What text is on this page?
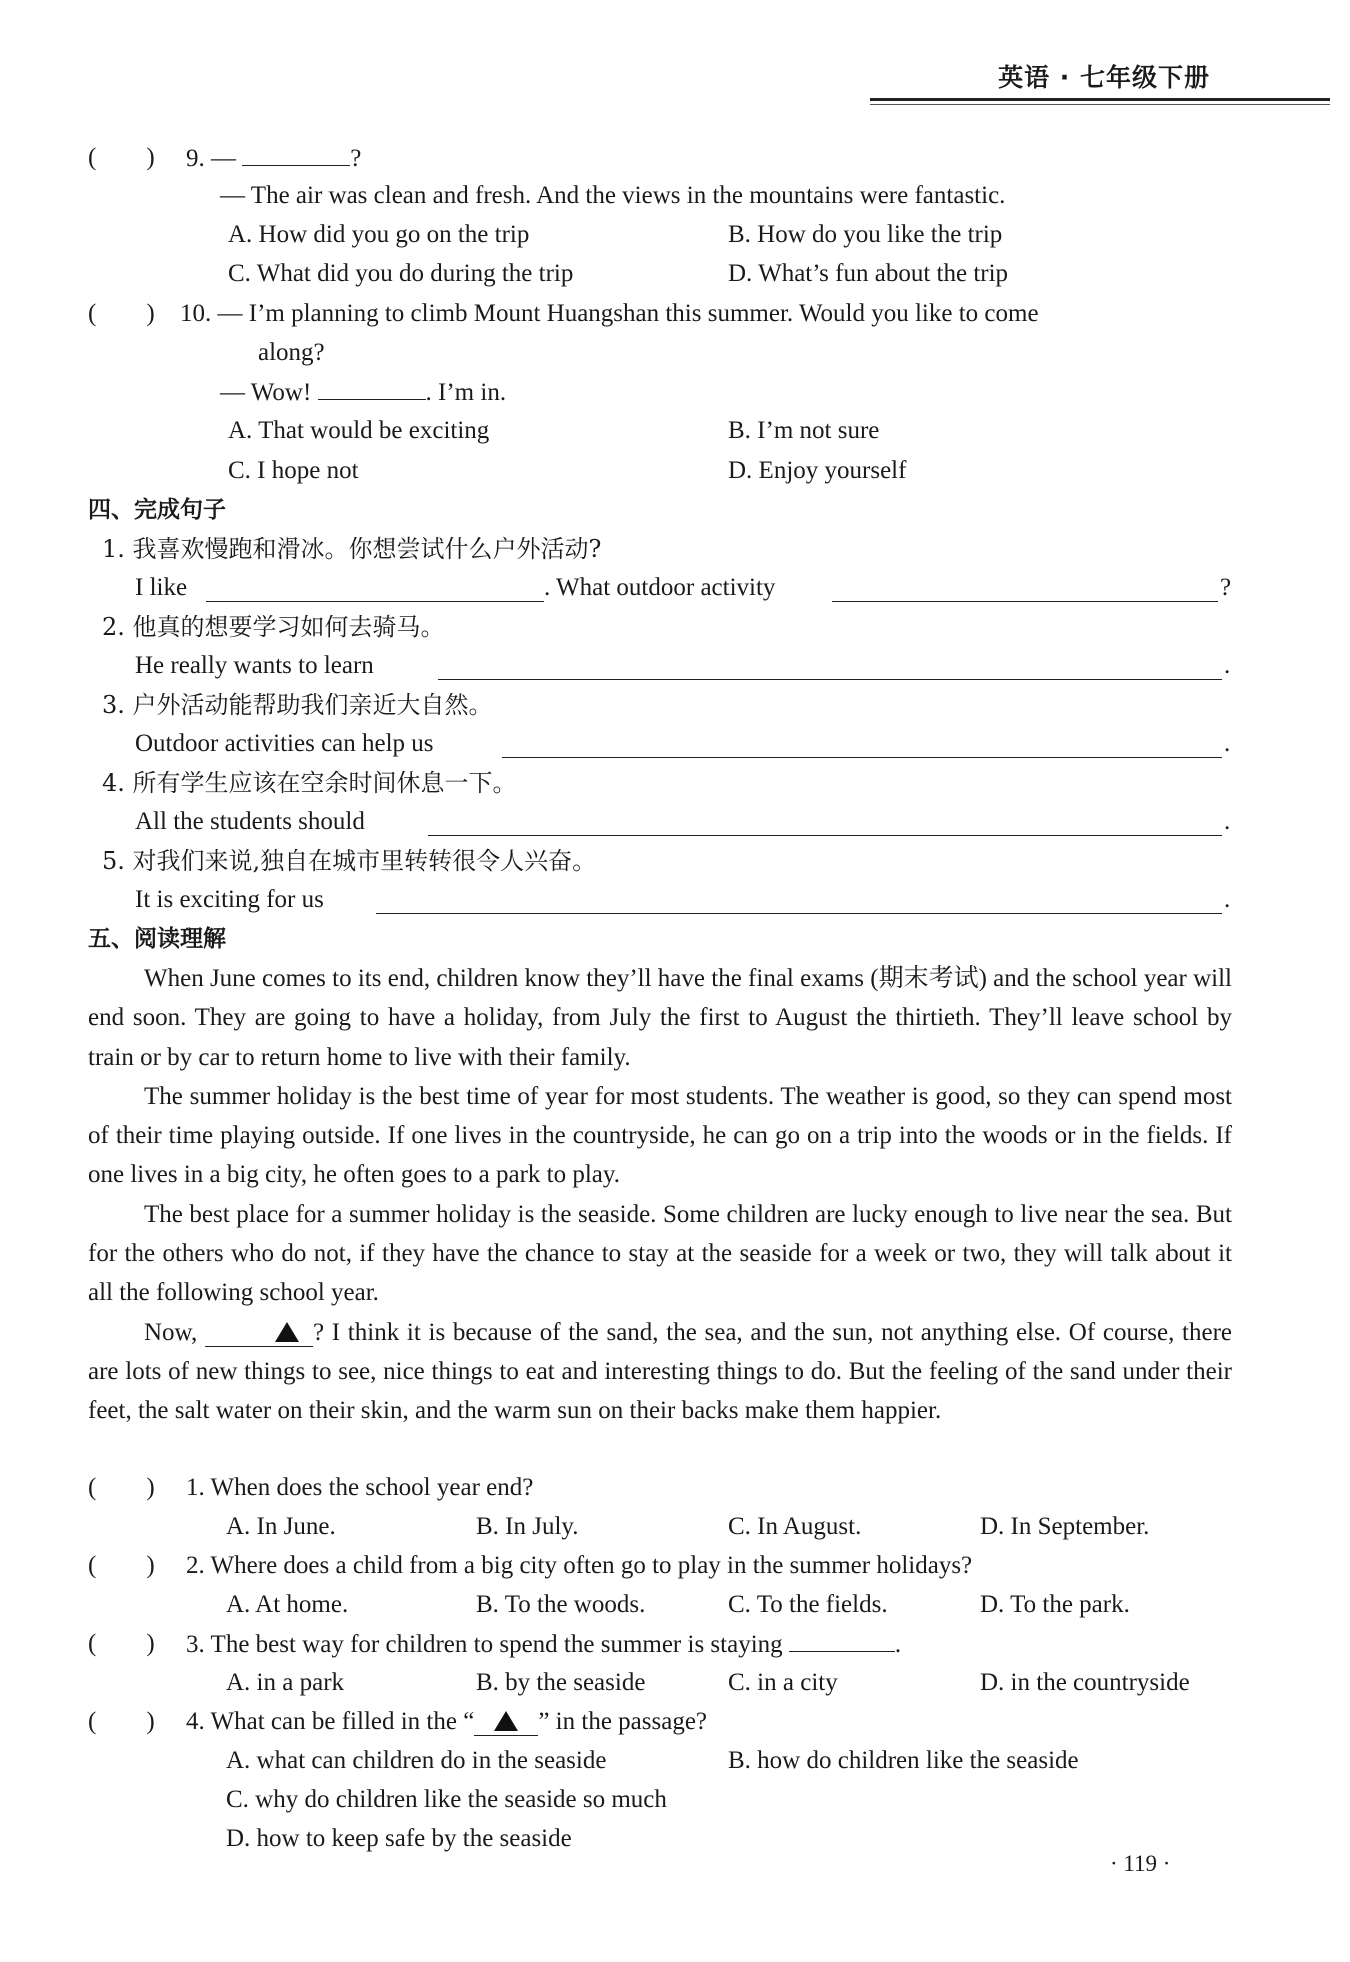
英语 · 七年级下册
(　　) 9. —	?
— The air was clean and fresh. And the views in the mountains were fantastic.
A. How did you go on the trip	B. How do you like the trip
C. What did you do during the trip	D. What’s fun about the trip
(　　) 10. — I’m planning to climb Mount Huangshan this summer. Would you like to come
along?
— Wow!	. I’m in.
A. That would be exciting	B. I’m not sure
C. I hope not	D. Enjoy yourself
四、完成句子
1. 我喜欢慢跑和滑冰。你想尝试什么户外活动?
I like	. What outdoor activity	?
2. 他真的想要学习如何去骑马。
He really wants to learn	.
3. 户外活动能帮助我们亲近大自然。
Outdoor activities can help us	.
4. 所有学生应该在空余时间休息一下。
All the students should	.
5. 对我们来说,独自在城市里转转很令人兴奋。
It is exciting for us	.
五、阅读理解

When June comes to its end, children know they’ll have the final exams (期末考试) and the school year will end soon. They are going to have a holiday, from July the first to August the thirtieth. They’ll leave school by train or by car to return home to live with their family.

The summer holiday is the best time of year for most students. The weather is good, so they can spend most of their time playing outside. If one lives in the countryside, he can go on a trip into the woods or in the fields. If one lives in a big city, he often goes to a park to play.

The best place for a summer holiday is the seaside. Some children are lucky enough to live near the sea. But for the others who do not, if they have the chance to stay at the seaside for a week or two, they will talk about it all the following school year.

Now,	? I think it is because of the sand, the sea, and the sun, not anything else. Of course, there are lots of new things to see, nice things to eat and interesting things to do. But the feeling of the sand under their feet, the salt water on their skin, and the warm sun on their backs make them happier.

(　　) 1. When does the school year end?
A. In June.	B. In July.	C. In August.	D. In September.
(　　) 2. Where does a child from a big city often go to play in the summer holidays?
A. At home.	B. To the woods.	C. To the fields.	D. To the park.
(　　) 3. The best way for children to spend the summer is staying	.
A. in a park	B. by the seaside	C. in a city	D. in the countryside
(　　) 4. What can be filled in the “	” in the passage?
A. what can children do in the seaside	B. how do children like the seaside
C. why do children like the seaside so much
D. how to keep safe by the seaside
· 119 ·
